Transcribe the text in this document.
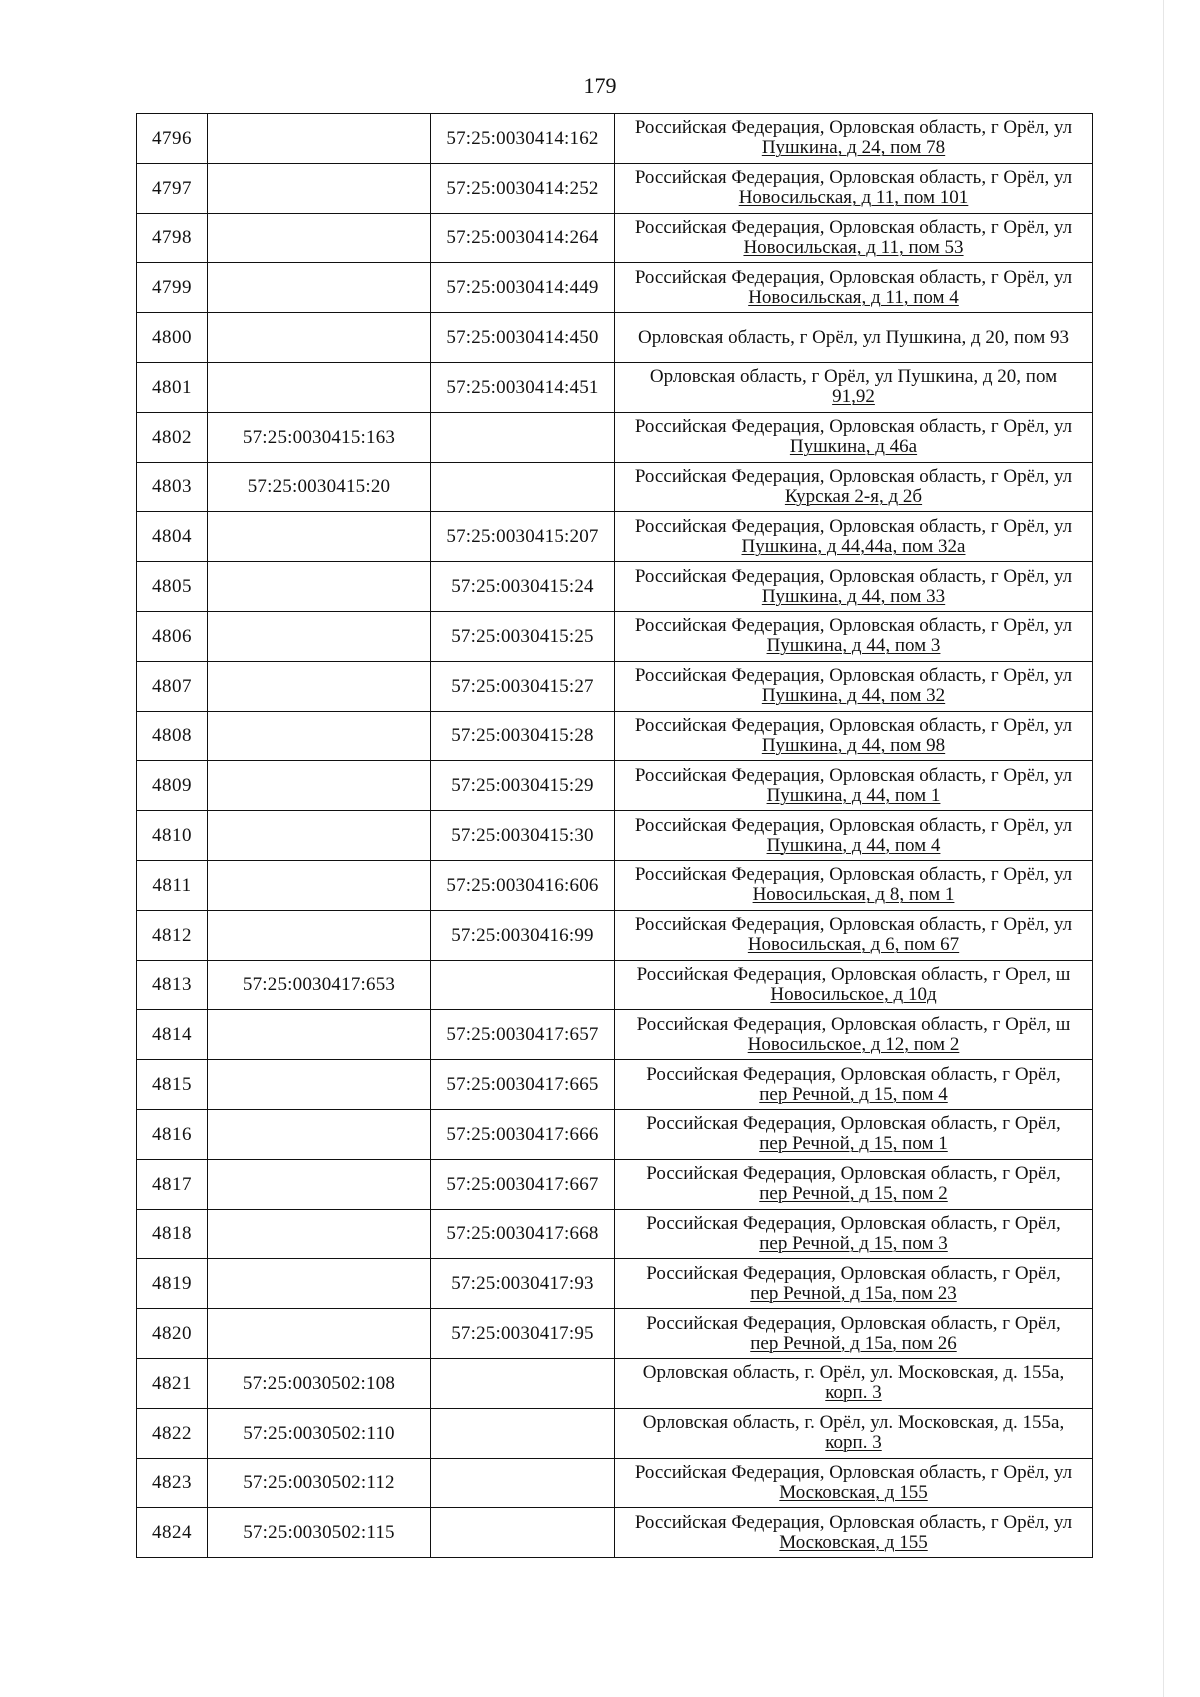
179
4796		57:25:0030414:162	Российская Федерация, Орловская область, г Орёл, ул
Пушкина, д 24, пом 78

4797		57:25:0030414:252	Российская Федерация, Орловская область, г Орёл, ул
Новосильская, д 11, пом 101

4798		57:25:0030414:264	Российская Федерация, Орловская область, г Орёл, ул
Новосильская, д 11, пом 53

4799		57:25:0030414:449	Российская Федерация, Орловская область, г Орёл, ул
Новосильская, д 11, пом 4

4800		57:25:0030414:450	Орловская область, г Орёл, ул Пушкина, д 20, пом 93

4801		57:25:0030414:451	Орловская область, г Орёл, ул Пушкина, д 20, пом
91,92

4802	57:25:0030415:163		Российская Федерация, Орловская область, г Орёл, ул
Пушкина, д 46а

4803	57:25:0030415:20		Российская Федерация, Орловская область, г Орёл, ул
Курская 2-я, д 2б

4804		57:25:0030415:207	Российская Федерация, Орловская область, г Орёл, ул
Пушкина, д 44,44а, пом 32а

4805		57:25:0030415:24	Российская Федерация, Орловская область, г Орёл, ул
Пушкина, д 44, пом 33

4806		57:25:0030415:25	Российская Федерация, Орловская область, г Орёл, ул
Пушкина, д 44, пом 3

4807		57:25:0030415:27	Российская Федерация, Орловская область, г Орёл, ул
Пушкина, д 44, пом 32

4808		57:25:0030415:28	Российская Федерация, Орловская область, г Орёл, ул
Пушкина, д 44, пом 98

4809		57:25:0030415:29	Российская Федерация, Орловская область, г Орёл, ул
Пушкина, д 44, пом 1

4810		57:25:0030415:30	Российская Федерация, Орловская область, г Орёл, ул
Пушкина, д 44, пом 4

4811		57:25:0030416:606	Российская Федерация, Орловская область, г Орёл, ул
Новосильская, д 8, пом 1

4812		57:25:0030416:99	Российская Федерация, Орловская область, г Орёл, ул
Новосильская, д 6, пом 67

4813	57:25:0030417:653		Российская Федерация, Орловская область, г Орел, ш
Новосильское, д 10д

4814		57:25:0030417:657	Российская Федерация, Орловская область, г Орёл, ш
Новосильское, д 12, пом 2

4815		57:25:0030417:665	Российская Федерация, Орловская область, г Орёл,
пер Речной, д 15, пом 4

4816		57:25:0030417:666	Российская Федерация, Орловская область, г Орёл,
пер Речной, д 15, пом 1

4817		57:25:0030417:667	Российская Федерация, Орловская область, г Орёл,
пер Речной, д 15, пом 2

4818		57:25:0030417:668	Российская Федерация, Орловская область, г Орёл,
пер Речной, д 15, пом 3

4819		57:25:0030417:93	Российская Федерация, Орловская область, г Орёл,
пер Речной, д 15а, пом 23

4820		57:25:0030417:95	Российская Федерация, Орловская область, г Орёл,
пер Речной, д 15а, пом 26

4821	57:25:0030502:108		Орловская область, г. Орёл, ул. Московская, д. 155а,
корп. 3

4822	57:25:0030502:110		Орловская область, г. Орёл, ул. Московская, д. 155а,
корп. 3

4823	57:25:0030502:112		Российская Федерация, Орловская область, г Орёл, ул
Московская, д 155

4824	57:25:0030502:115		Российская Федерация, Орловская область, г Орёл, ул
Московская, д 155
